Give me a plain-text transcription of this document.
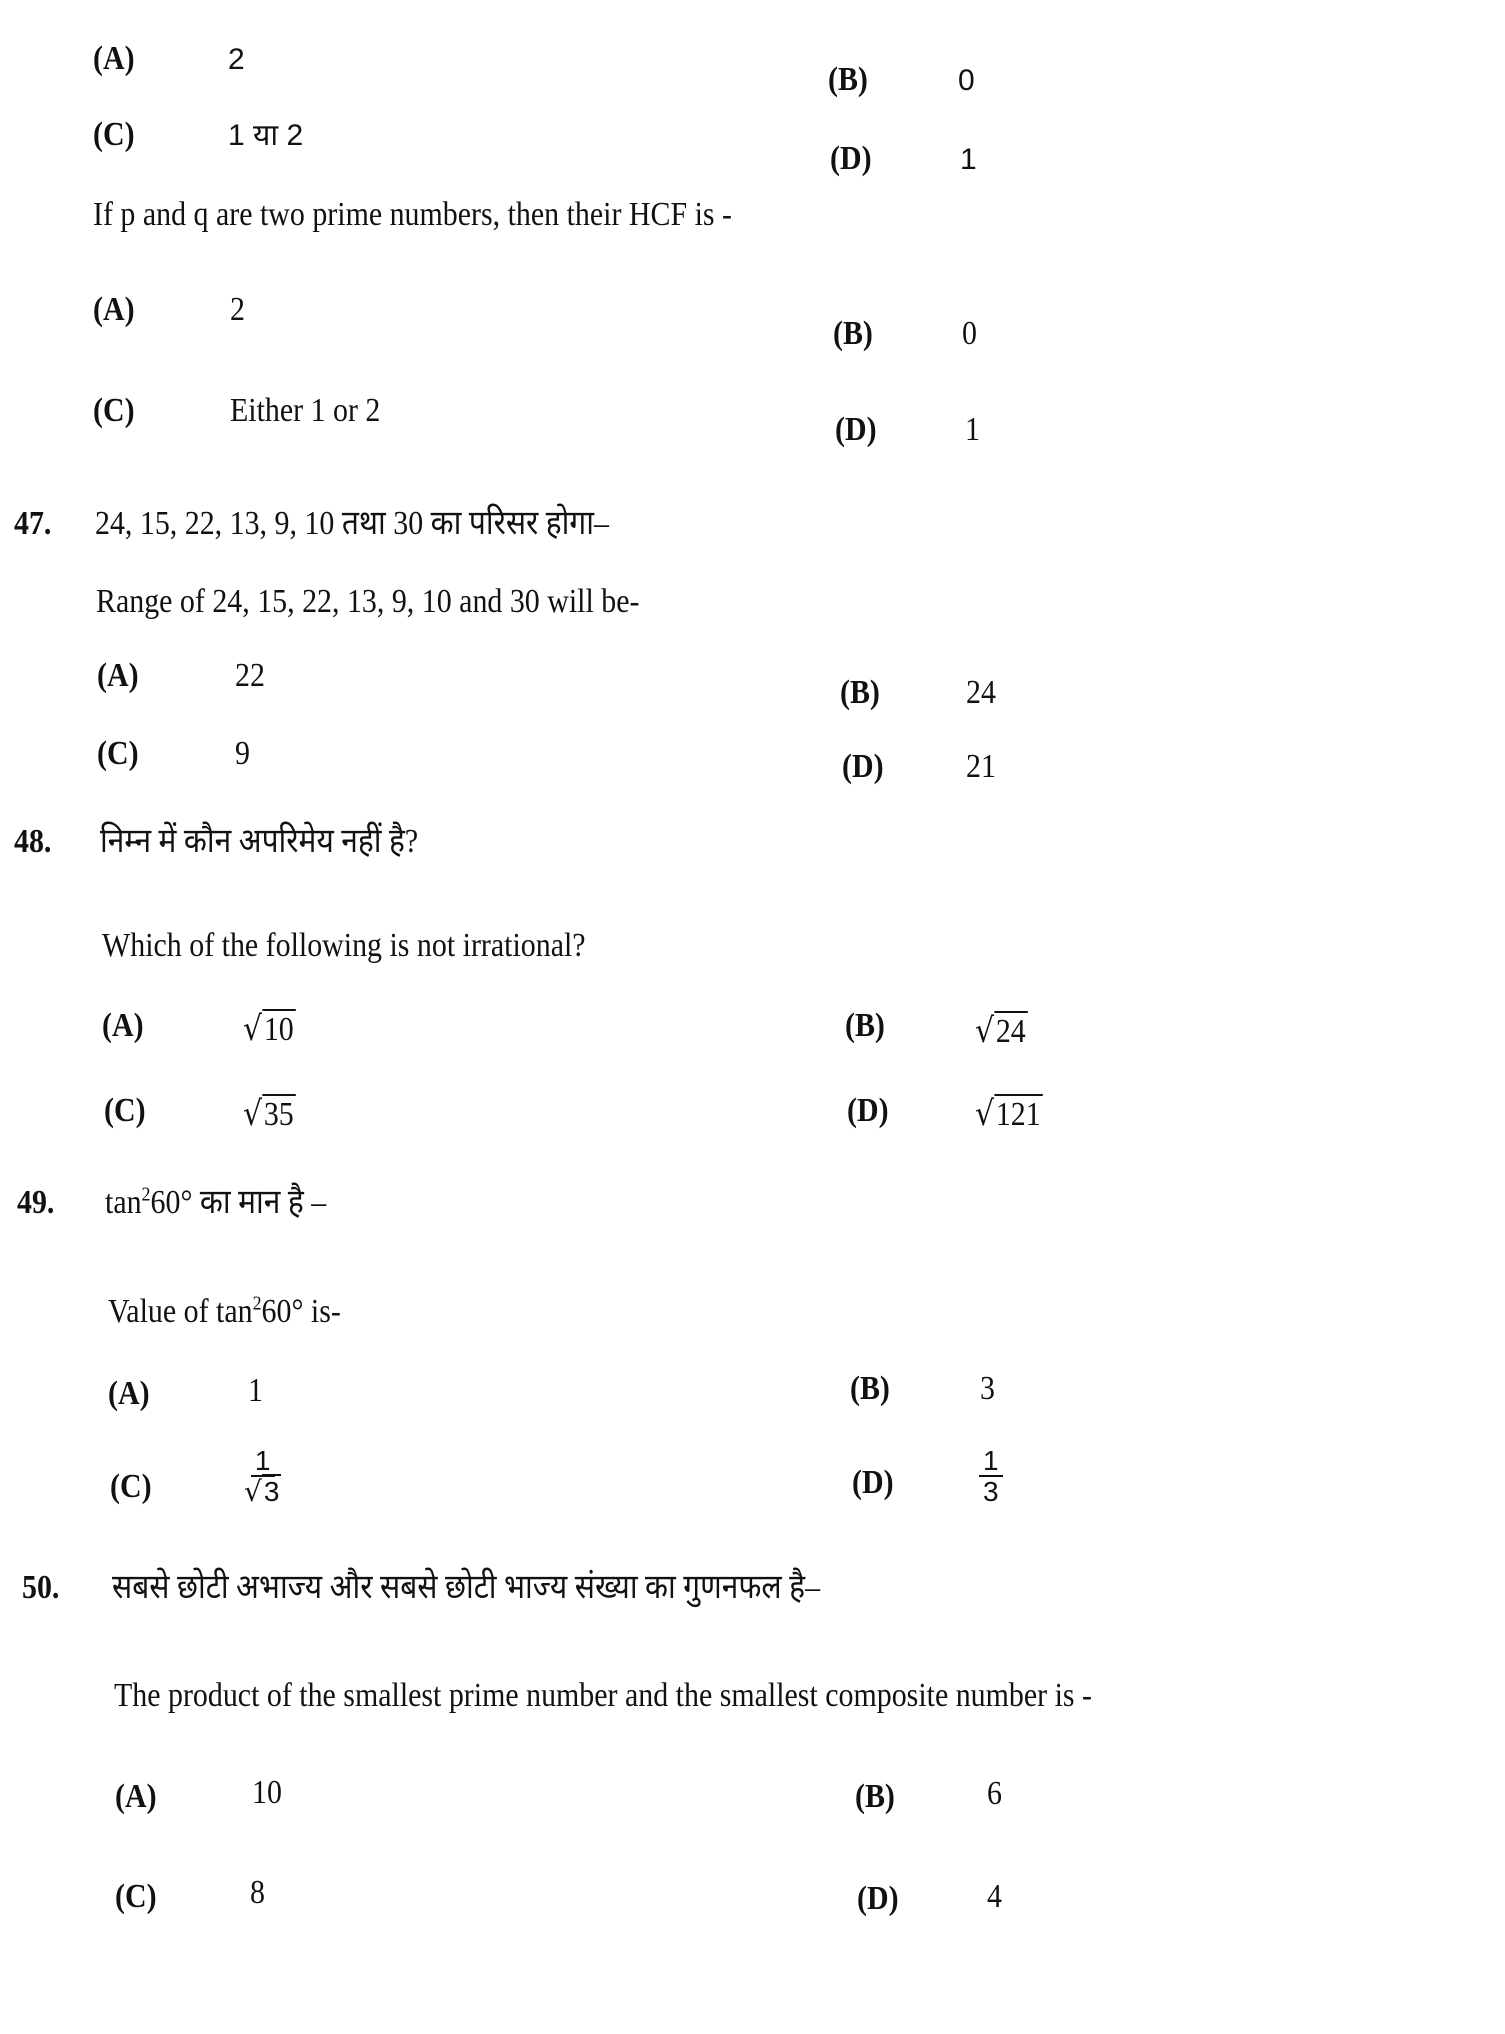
(A)	2
(B)	0
(C)	1 या 2
(D)	1
If p and q are two prime numbers, then their HCF is -
(A)	2
(B)	0
(C)	Either 1 or 2
(D)	1
47. 24, 15, 22, 13, 9, 10 तथा 30 का परिसर होगा–
Range of 24, 15, 22, 13, 9, 10 and 30 will be-
(A)	22	(B)	24
(C)	9	(D) 21
48. निम्न में कौन अपरिमेय नहीं है?
Which of the following is not irrational?
(A)	√10	(B)	√24
(C)	√35	(D)	√121
49. $\tan^260^\circ$ का मान है –
Value of $\tan^260^\circ$ is-
(A)	1	(B)	3
(C)	$\frac{1}{√3}$	(D)	$\frac{1}{3}$
50. सबसे छोटी अभाज्य और सबसे छोटी भाज्य संख्या का गुणनफल है–
The product of the smallest prime number and the smallest composite number is -
(A)	10	(B)	6
(C)	8	(D)	4
